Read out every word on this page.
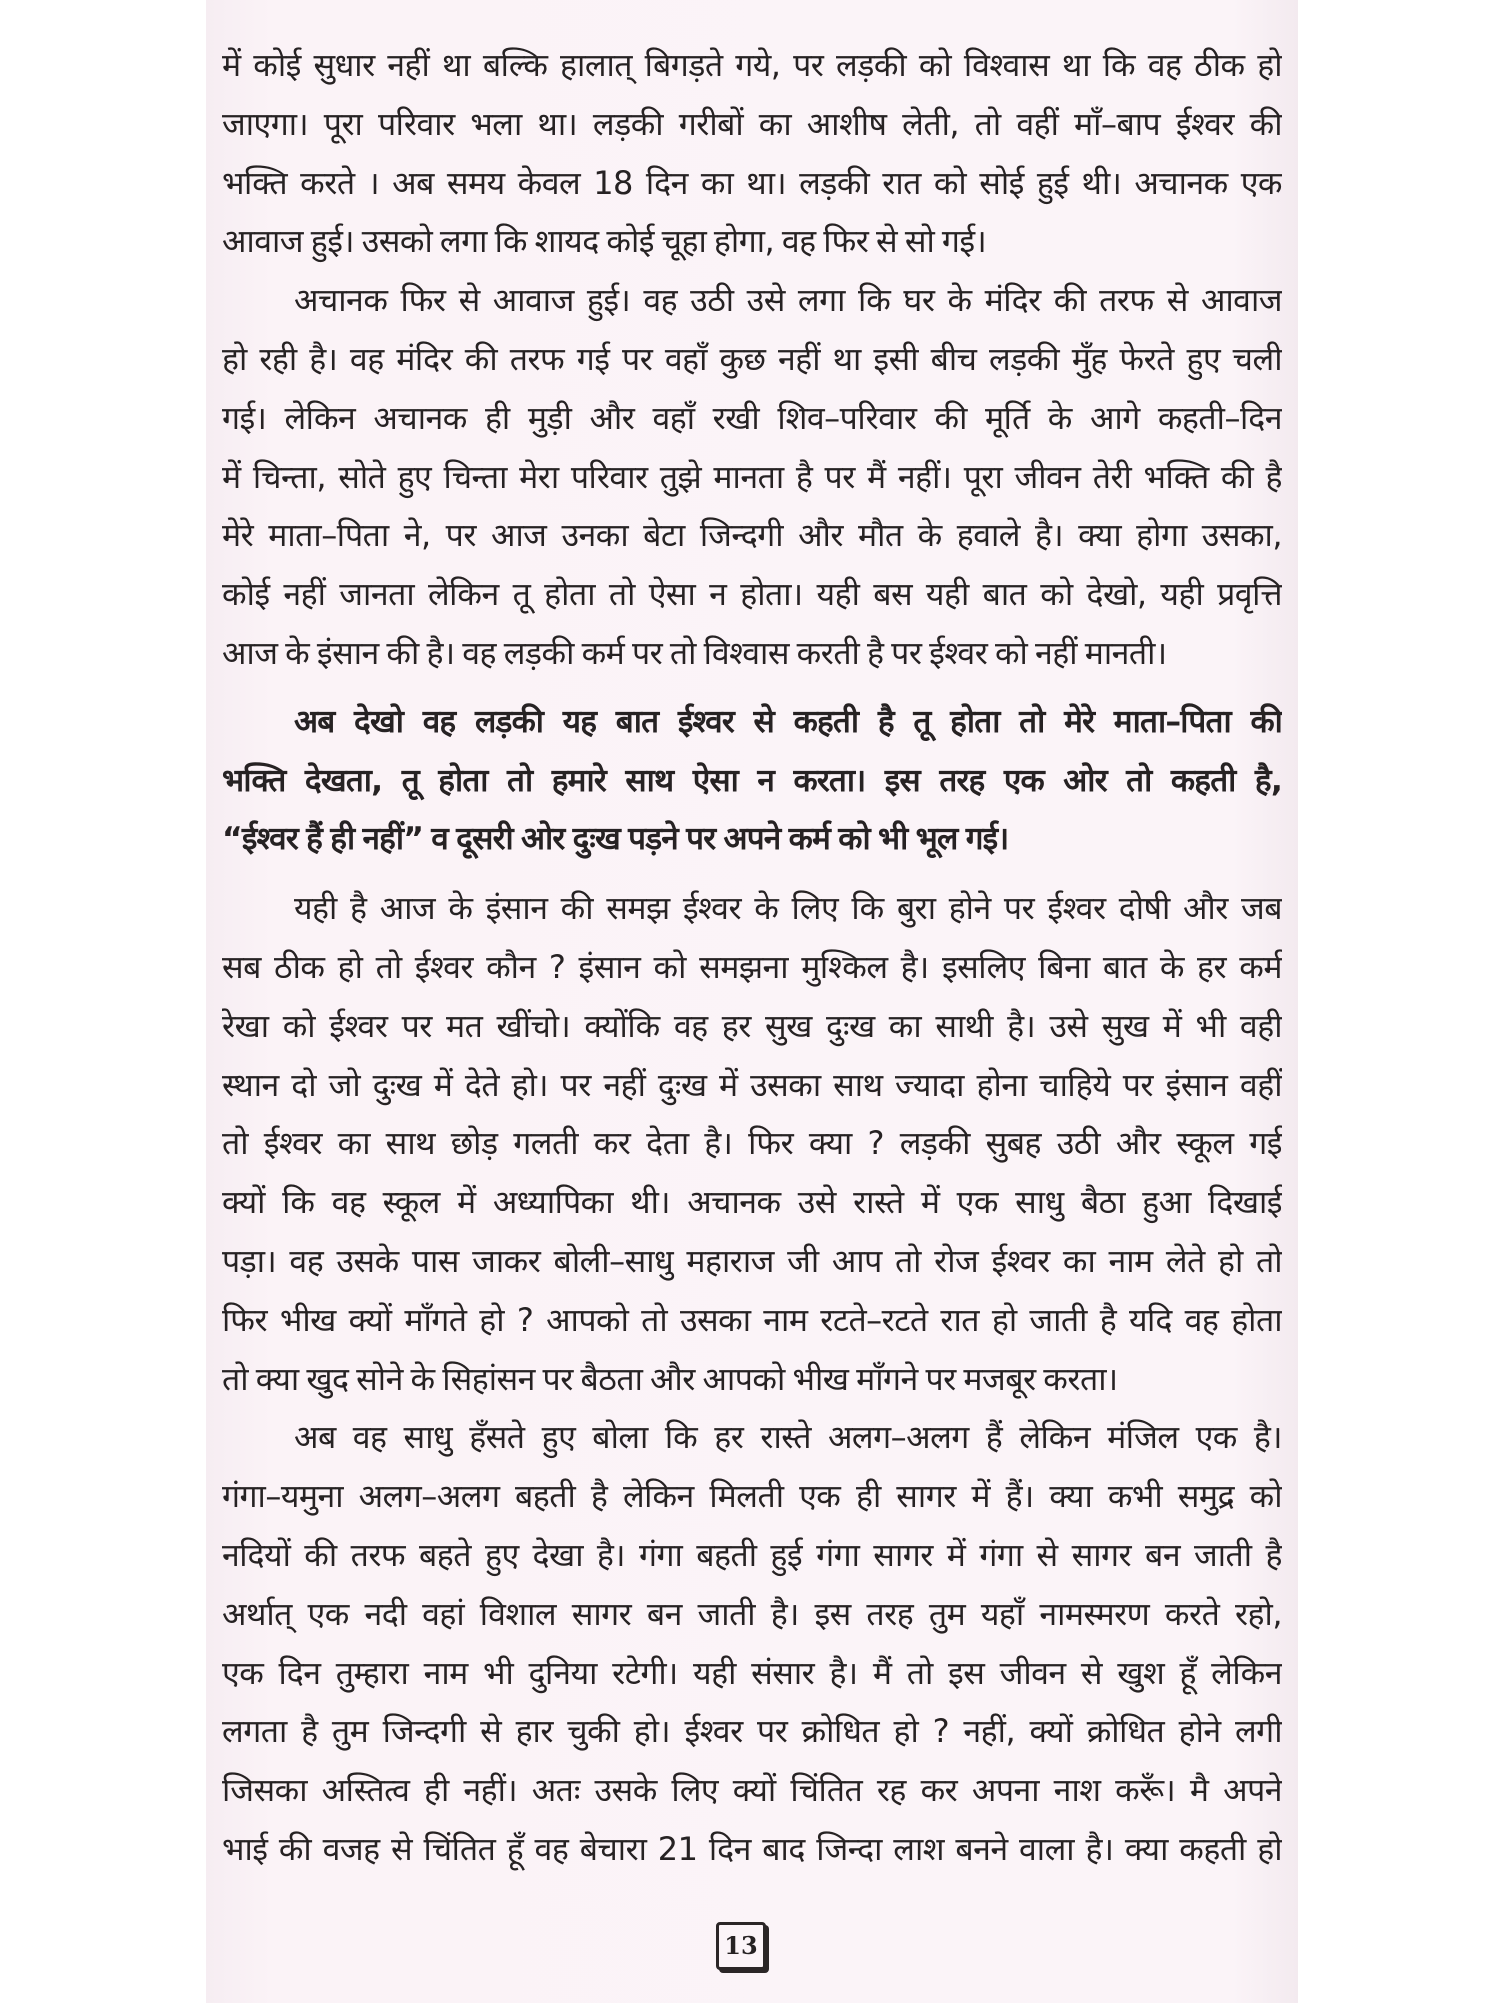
में कोई सुधार नहीं था बल्कि हालात् बिगड़ते गये, पर लड़की को विश्वास था कि वह ठीक हो
जाएगा। पूरा परिवार भला था। लड़की गरीबों का आशीष लेती, तो वहीं माँ–बाप ईश्वर की
भक्ति करते । अब समय केवल 18 दिन का था। लड़की रात को सोई हुई थी। अचानक एक
आवाज हुई। उसको लगा कि शायद कोई चूहा होगा, वह फिर से सो गई।
अचानक फिर से आवाज हुई। वह उठी उसे लगा कि घर के मंदिर की तरफ से आवाज
हो रही है। वह मंदिर की तरफ गई पर वहाँ कुछ नहीं था इसी बीच लड़की मुँह फेरते हुए चली
गई। लेकिन अचानक ही मुड़ी और वहाँ रखी शिव–परिवार की मूर्ति के आगे कहती–दिन
में चिन्ता, सोते हुए चिन्ता मेरा परिवार तुझे मानता है पर मैं नहीं। पूरा जीवन तेरी भक्ति की है
मेरे माता–पिता ने, पर आज उनका बेटा जिन्दगी और मौत के हवाले है। क्या होगा उसका,
कोई नहीं जानता लेकिन तू होता तो ऐसा न होता। यही बस यही बात को देखो, यही प्रवृत्ति
आज के इंसान की है। वह लड़की कर्म पर तो विश्वास करती है पर ईश्वर को नहीं मानती।
अब देखो वह लड़की यह बात ईश्वर से कहती है तू होता तो मेरे माता–पिता की
भक्ति देखता, तू होता तो हमारे साथ ऐसा न करता। इस तरह एक ओर तो कहती है,
“ईश्वर हैं ही नहीं” व दूसरी ओर दुःख पड़ने पर अपने कर्म को भी भूल गई।
यही है आज के इंसान की समझ ईश्वर के लिए कि बुरा होने पर ईश्वर दोषी और जब
सब ठीक हो तो ईश्वर कौन ? इंसान को समझना मुश्किल है। इसलिए बिना बात के हर कर्म
रेखा को ईश्वर पर मत खींचो। क्योंकि वह हर सुख दुःख का साथी है। उसे सुख में भी वही
स्थान दो जो दुःख में देते हो। पर नहीं दुःख में उसका साथ ज्यादा होना चाहिये पर इंसान वहीं
तो ईश्वर का साथ छोड़ गलती कर देता है। फिर क्या ? लड़की सुबह उठी और स्कूल गई
क्यों कि वह स्कूल में अध्यापिका थी। अचानक उसे रास्ते में एक साधु बैठा हुआ दिखाई
पड़ा। वह उसके पास जाकर बोली–साधु महाराज जी आप तो रोज ईश्वर का नाम लेते हो तो
फिर भीख क्यों माँगते हो ? आपको तो उसका नाम रटते–रटते रात हो जाती है यदि वह होता
तो क्या खुद सोने के सिहांसन पर बैठता और आपको भीख माँगने पर मजबूर करता।
अब वह साधु हँसते हुए बोला कि हर रास्ते अलग–अलग हैं लेकिन मंजिल एक है।
गंगा–यमुना अलग–अलग बहती है लेकिन मिलती एक ही सागर में हैं। क्या कभी समुद्र को
नदियों की तरफ बहते हुए देखा है। गंगा बहती हुई गंगा सागर में गंगा से सागर बन जाती है
अर्थात् एक नदी वहां विशाल सागर बन जाती है। इस तरह तुम यहाँ नामस्मरण करते रहो,
एक दिन तुम्हारा नाम भी दुनिया रटेगी। यही संसार है। मैं तो इस जीवन से खुश हूँ लेकिन
लगता है तुम जिन्दगी से हार चुकी हो। ईश्वर पर क्रोधित हो ? नहीं, क्यों क्रोधित होने लगी
जिसका अस्तित्व ही नहीं। अतः उसके लिए क्यों चिंतित रह कर अपना नाश करूँ। मै अपने
भाई की वजह से चिंतित हूँ वह बेचारा 21 दिन बाद जिन्दा लाश बनने वाला है। क्या कहती हो
13
